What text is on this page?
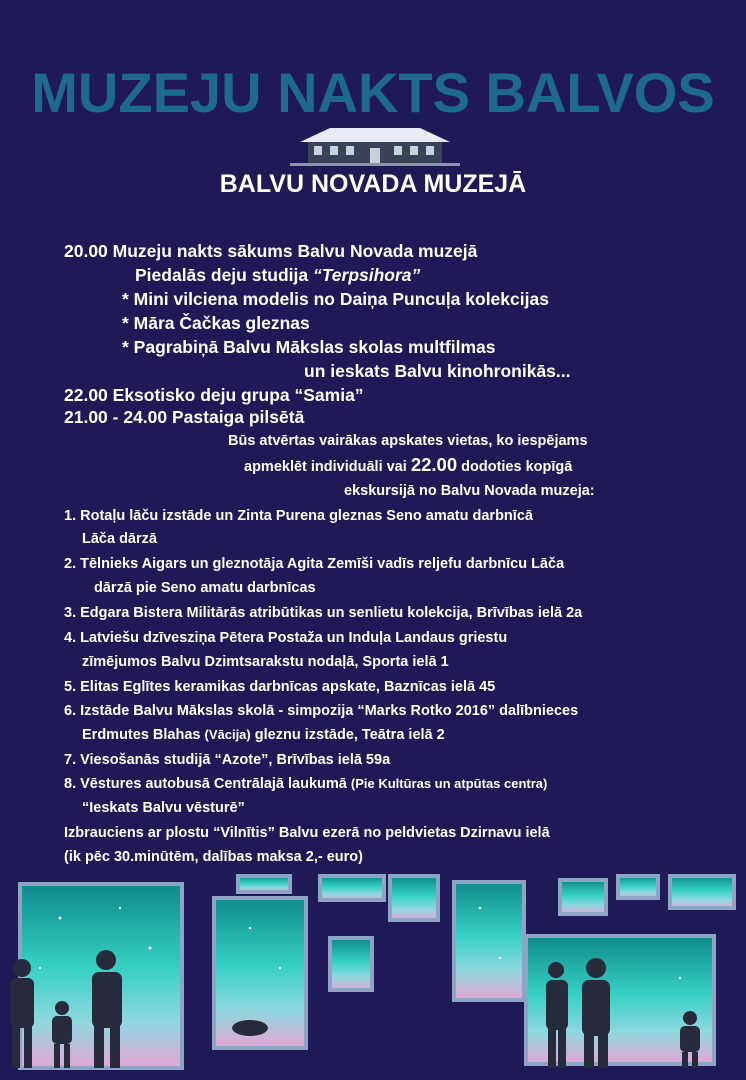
MUZEJU NAKTS BALVOS
BALVU NOVADA MUZEJĀ
20.00 Muzeju nakts sākums Balvu Novada muzejā
Piedalās deju studija “Terpsihora”
* Mini vilciena modelis no Daiņa Puncuļa kolekcijas
* Māra Čačkas gleznas
* Pagrabiņā Balvu Mākslas skolas multfilmas
un ieskats Balvu kinohronikās...
22.00 Eksotisko deju grupa “Samia”
21.00 - 24.00 Pastaiga pilsētā
Būs atvērtas vairākas apskates vietas, ko iespējams
apmeklēt individuāli vai 22.00 dodoties kopīgā
ekskursijā no Balvu Novada muzeja:
1. Rotaļu lāču izstāde un Zinta Purena gleznas Seno amatu darbnīcā
Lāča dārzā
2. Tēlnieks Aigars un gleznotāja Agita Zemīši vadīs reljefu darbnīcu Lāča
dārzā pie Seno amatu darbnīcas
3. Edgara Bistera Militārās atribūtikas un senlietu kolekcija, Brīvības ielā 2a
4. Latviešu dzīvesziņa Pētera Postaža un Induļa Landaus griestu
zīmējumos Balvu Dzimtsarakstu nodaļā, Sporta ielā 1
5. Elitas Eglītes keramikas darbnīcas apskate, Baznīcas ielā 45
6. Izstāde Balvu Mākslas skolā - simpozija “Marks Rotko 2016” dalībnieces
Erdmutes Blahas (Vācija) gleznu izstāde, Teātra ielā 2
7. Viesošanās studijā “Azote”, Brīvības ielā 59a
8. Vēstures autobusā Centrālajā laukumā (Pie Kultūras un atpūtas centra)
“Ieskats Balvu vēsturē”
Izbrauciens ar plostu “Vilnītis” Balvu ezerā no peldvietas Dzirnavu ielā
(ik pēc 30.minūtēm, dalības maksa 2,- euro)
